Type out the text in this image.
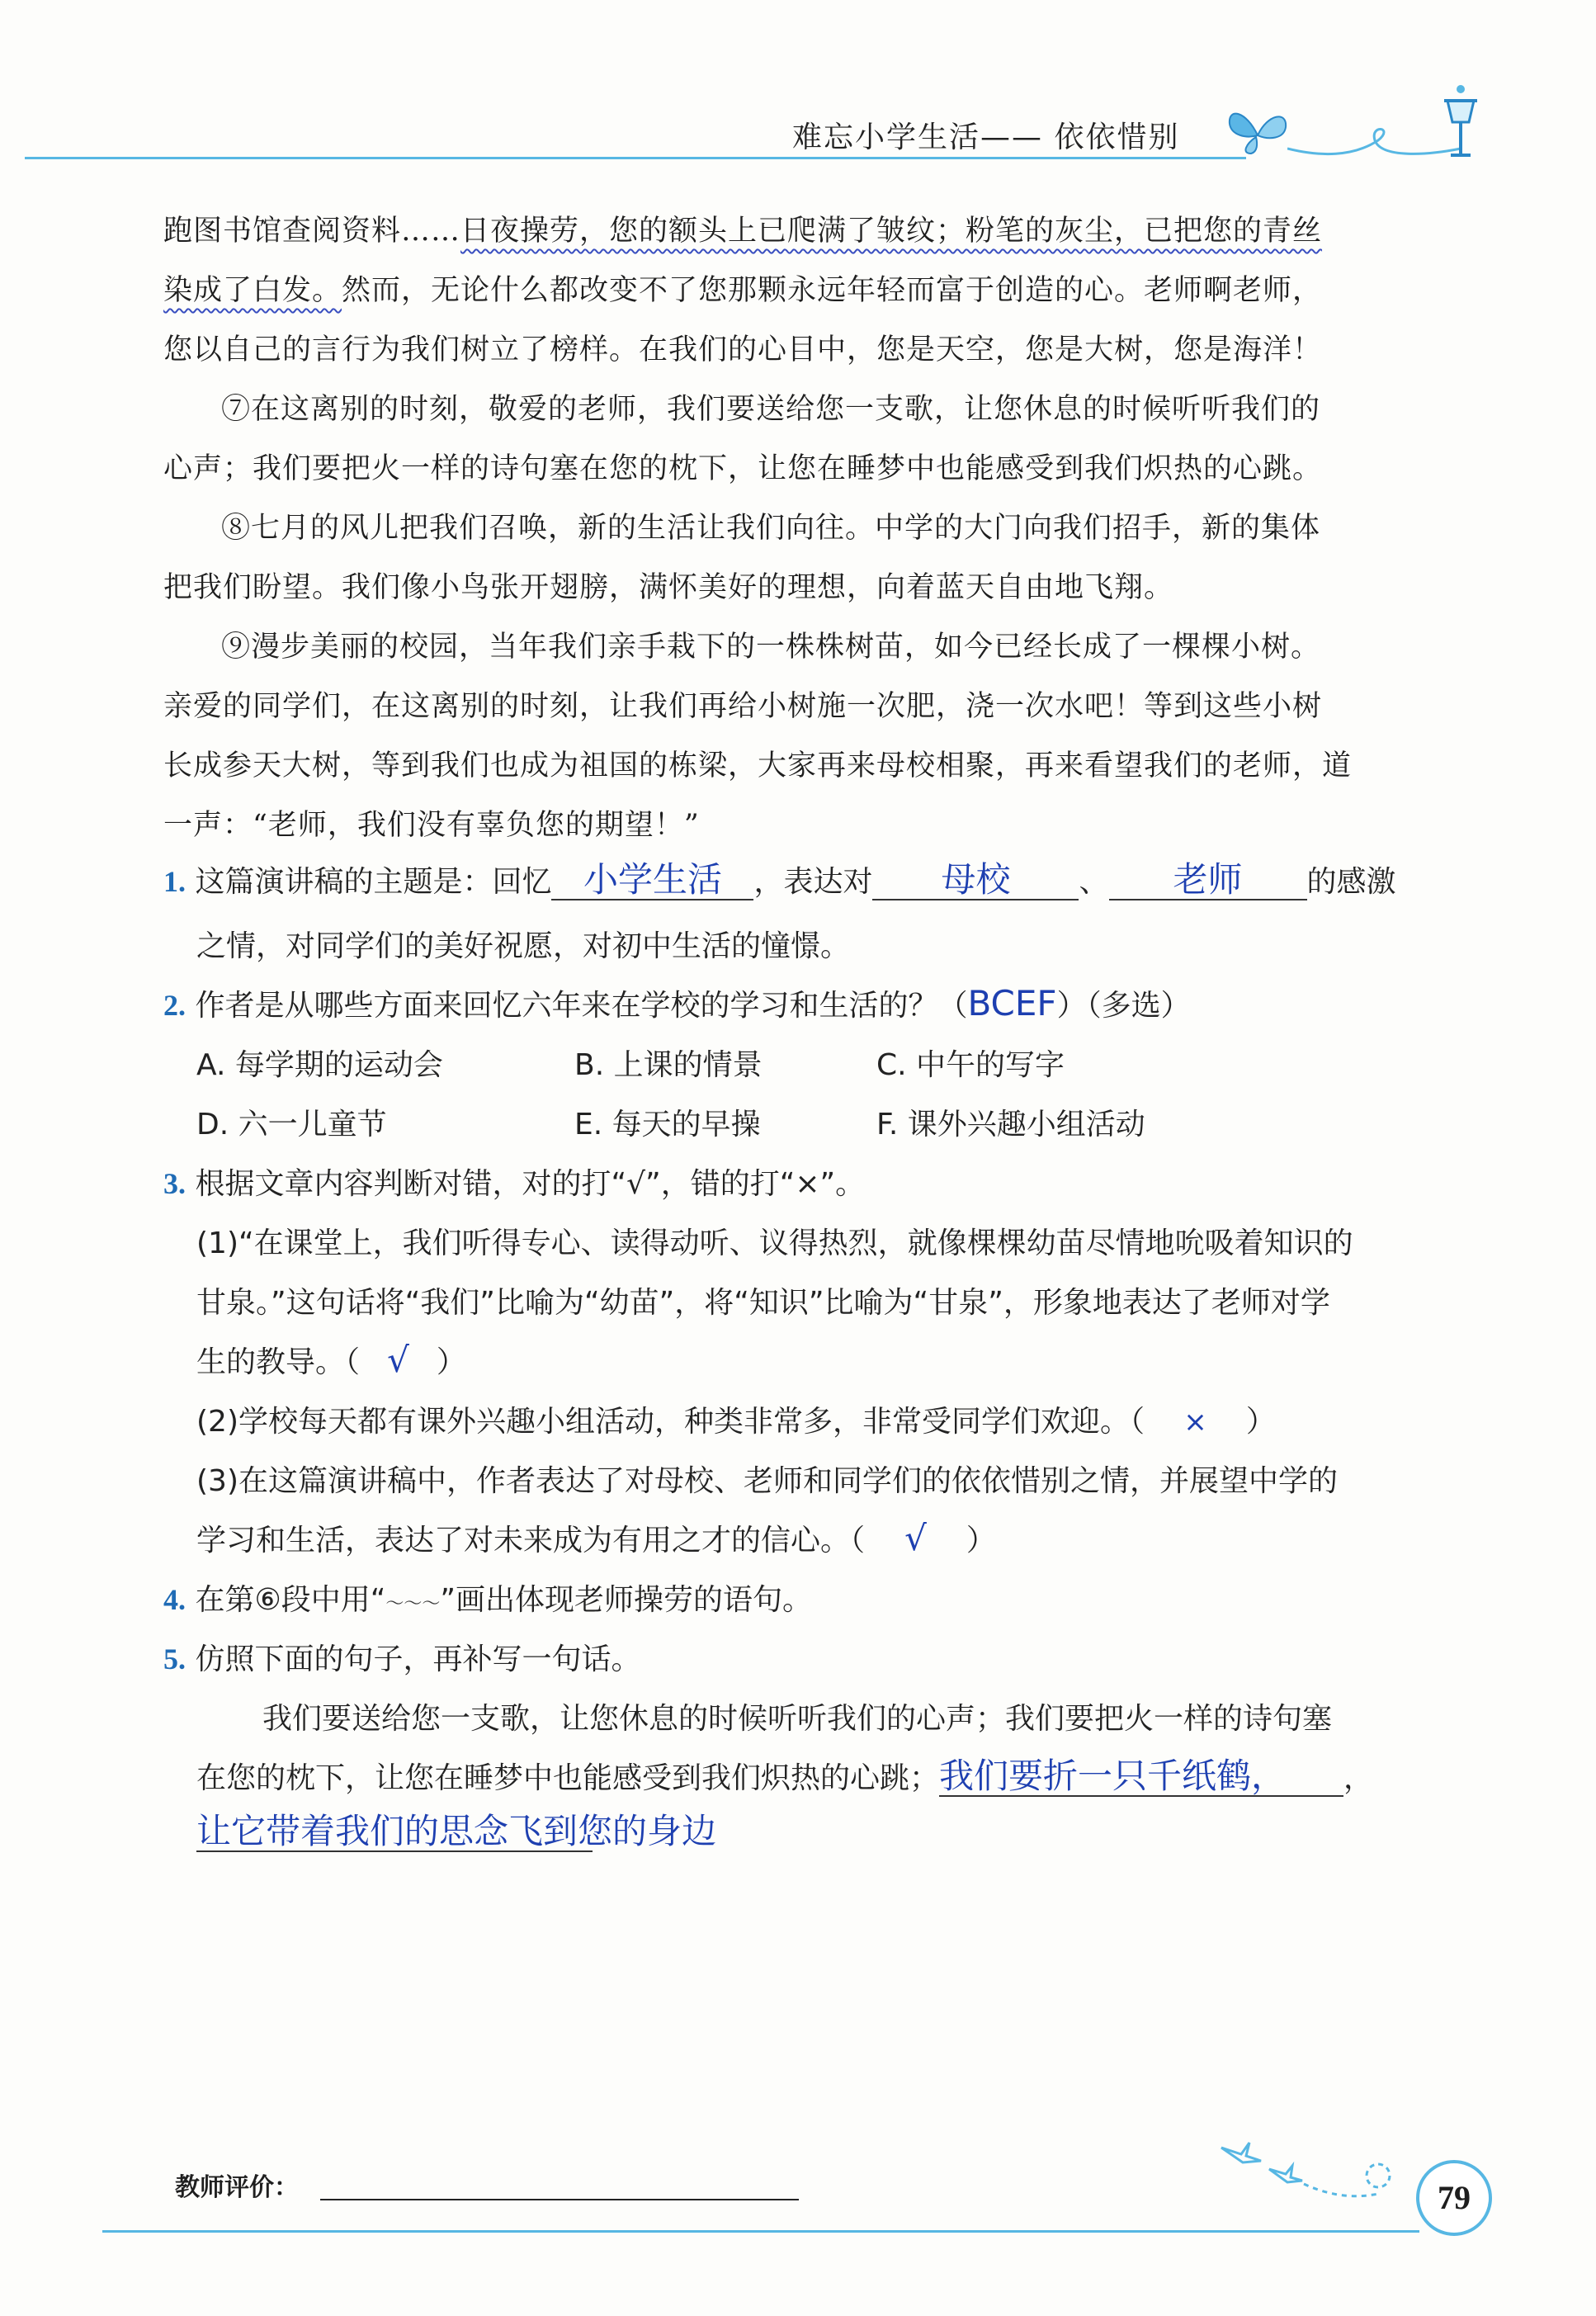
难忘小学生活—— 依依惜别
跑图书馆查阅资料……日夜操劳，您的额头上已爬满了皱纹；粉笔的灰尘，已把您的青丝
染成了白发。然而，无论什么都改变不了您那颗永远年轻而富于创造的心。老师啊老师，
您以自己的言行为我们树立了榜样。在我们的心目中，您是天空，您是大树，您是海洋！
⑦在这离别的时刻，敬爱的老师，我们要送给您一支歌，让您休息的时候听听我们的
心声；我们要把火一样的诗句塞在您的枕下，让您在睡梦中也能感受到我们炽热的心跳。
⑧七月的风儿把我们召唤，新的生活让我们向往。中学的大门向我们招手，新的集体
把我们盼望。我们像小鸟张开翅膀，满怀美好的理想，向着蓝天自由地飞翔。
⑨漫步美丽的校园，当年我们亲手栽下的一株株树苗，如今已经长成了一棵棵小树。
亲爱的同学们，在这离别的时刻，让我们再给小树施一次肥，浇一次水吧！等到这些小树
长成参天大树，等到我们也成为祖国的栋梁，大家再来母校相聚，再来看望我们的老师，道
一声：“老师，我们没有辜负您的期望！”
1. 这篇演讲稿的主题是：回忆 小学生活 ，表达对 母校 、 老师 的感激
之情，对同学们的美好祝愿，对初中生活的憧憬。
2. 作者是从哪些方面来回忆六年来在学校的学习和生活的？（BCEF）（多选）
A. 每学期的运动会	B. 上课的情景	C. 中午的写字
D. 六一儿童节	E. 每天的早操	F. 课外兴趣小组活动
3. 根据文章内容判断对错，对的打“√”，错的打“×”。
(1)“在课堂上，我们听得专心、读得动听、议得热烈，就像棵棵幼苗尽情地吮吸着知识的
甘泉。”这句话将“我们”比喻为“幼苗”，将“知识”比喻为“甘泉”，形象地表达了老师对学
生的教导。（ √ ）
(2)学校每天都有课外兴趣小组活动，种类非常多，非常受同学们欢迎。（ × ）
(3)在这篇演讲稿中，作者表达了对母校、老师和同学们的依依惜别之情，并展望中学的
学习和生活，表达了对未来成为有用之才的信心。（ √ ）
4. 在第⑥段中用“～～～”画出体现老师操劳的语句。
5. 仿照下面的句子，再补写一句话。
我们要送给您一支歌，让您休息的时候听听我们的心声；我们要把火一样的诗句塞
在您的枕下，让您在睡梦中也能感受到我们炽热的心跳；我们要折一只千纸鹤， ，
让它带着我们的思念飞到您的身边
教师评价：	79
